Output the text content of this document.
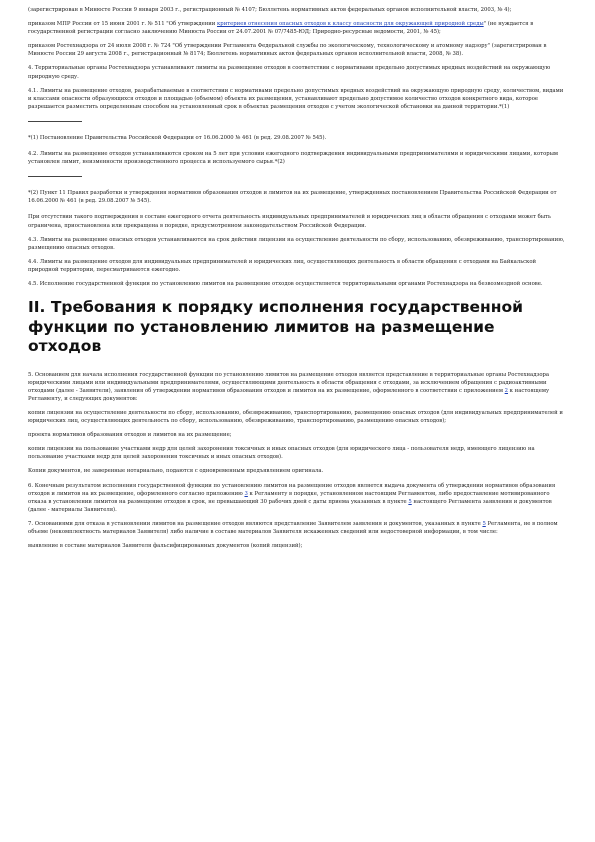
(зарегистрирован в Минюсте России 9 января 2003 г., регистрационный № 4107; Бюллетень нормативных актов федеральных органов исполнительной власти, 2003, № 4);

приказом МПР России от 15 июня 2001 г. № 511 "Об утверждении критериев отнесения опасных отходов к классу опасности для окружающей природной среды" (не нуждается в государственной регистрации согласно заключению Минюста России от 24.07.2001 № 07/7485-ЮД; Природно-ресурсные ведомости, 2001, № 45);

приказом Ростехнадзора от 24 июля 2008 г. № 724 "Об утверждении Регламента Федеральной службы по экологическому, технологическому и атомному надзору" (зарегистрирован в Минюсте России 29 августа 2008 г., регистрационный № 8174; Бюллетень нормативных актов федеральных органов исполнительной власти, 2008, № 38).

4. Территориальные органы Ростехнадзора устанавливают лимиты на размещение отходов в соответствии с нормативами предельно допустимых вредных воздействий на окружающую природную среду.

4.1. Лимиты на размещение отходов, разрабатываемые в соответствии с нормативами предельно допустимых вредных воздействий на окружающую природную среду, количеством, видами и классами опасности образующихся отходов и площадью (объемом) объекта их размещения, устанавливают предельно допустимое количество отходов конкретного вида, которое разрешается разместить определенным способом на установленный срок в объектах размещения отходов с учетом экологической обстановки на данной территории.*(1)

*(1) Постановление Правительства Российской Федерации от 16.06.2000 № 461 (в ред. 29.08.2007 № 545).

4.2. Лимиты на размещение отходов устанавливаются сроком на 5 лет при условии ежегодного подтверждения индивидуальными предпринимателями и юридическими лицами, которым установлен лимит, неизменности производственного процесса и используемого сырья.*(2)

*(2) Пункт 11 Правил разработки и утверждения нормативов образования отходов и лимитов на их размещение, утвержденных постановлением Правительства Российской Федерации от 16.06.2000 № 461 (в ред. 29.08.2007 № 545).

При отсутствии такого подтверждения в составе ежегодного отчета деятельность индивидуальных предпринимателей и юридических лиц в области обращения с отходами может быть ограничена, приостановлена или прекращена в порядке, предусмотренном законодательством Российской Федерации.

4.3. Лимиты на размещение опасных отходов устанавливаются на срок действия лицензии на осуществление деятельности по сбору, использованию, обезвреживанию, транспортированию, размещению опасных отходов.

4.4. Лимиты на размещение отходов для индивидуальных предпринимателей и юридических лиц, осуществляющих деятельность в области обращения с отходами на Байкальской природной территории, пересматриваются ежегодно.

4.5. Исполнение государственной функции по установлению лимитов на размещение отходов осуществляется территориальными органами Ростехнадзора на безвозмездной основе.

II. Требования к порядку исполнения государственной функции по установлению лимитов на размещение отходов

5. Основанием для начала исполнения государственной функции по установлению лимитов на размещение отходов является представление в территориальные органы Ростехнадзора юридическими лицами или индивидуальными предпринимателями, осуществляющими деятельность в области обращения с отходами, за исключением обращения с радиоактивными отходами (далее - Заявители), заявления об утверждении нормативов образования отходов и лимитов на их размещение, оформленного в соответствии с приложением 2 к настоящему Регламенту, и следующих документов:

копии лицензии на осуществление деятельности по сбору, использованию, обезвреживанию, транспортированию, размещению опасных отходов (для индивидуальных предпринимателей и юридических лиц, осуществляющих деятельность по сбору, использованию, обезвреживанию, транспортированию, размещению опасных отходов);

проекта нормативов образования отходов и лимитов на их размещение;

копии лицензии на пользование участками недр для целей захоронения токсичных и иных опасных отходов (для юридического лица - пользователя недр, имеющего лицензию на пользование участками недр для целей захоронения токсичных и иных опасных отходов).

Копии документов, не заверенные нотариально, подаются с одновременным предъявлением оригинала.

6. Конечным результатом исполнения государственной функции по установлению лимитов на размещение отходов является выдача документа об утверждении нормативов образования отходов и лимитов на их размещение, оформленного согласно приложению 3 к Регламенту в порядке, установленном настоящим Регламентом, либо предоставление мотивированного отказа в установлении лимитов на размещение отходов в срок, не превышающий 30 рабочих дней с даты приема указанных в пункте 5 настоящего Регламента заявления и документов (далее - материалы Заявителя).

7. Основаниями для отказа в установлении лимитов на размещение отходов являются представление Заявителем заявления и документов, указанных в пункте 5 Регламента, не в полном объеме (некомплектность материалов Заявителя) либо наличие в составе материалов Заявителя искаженных сведений или недостоверной информации, в том числе:

выявление в составе материалов Заявителя фальсифицированных документов (копий лицензий);
